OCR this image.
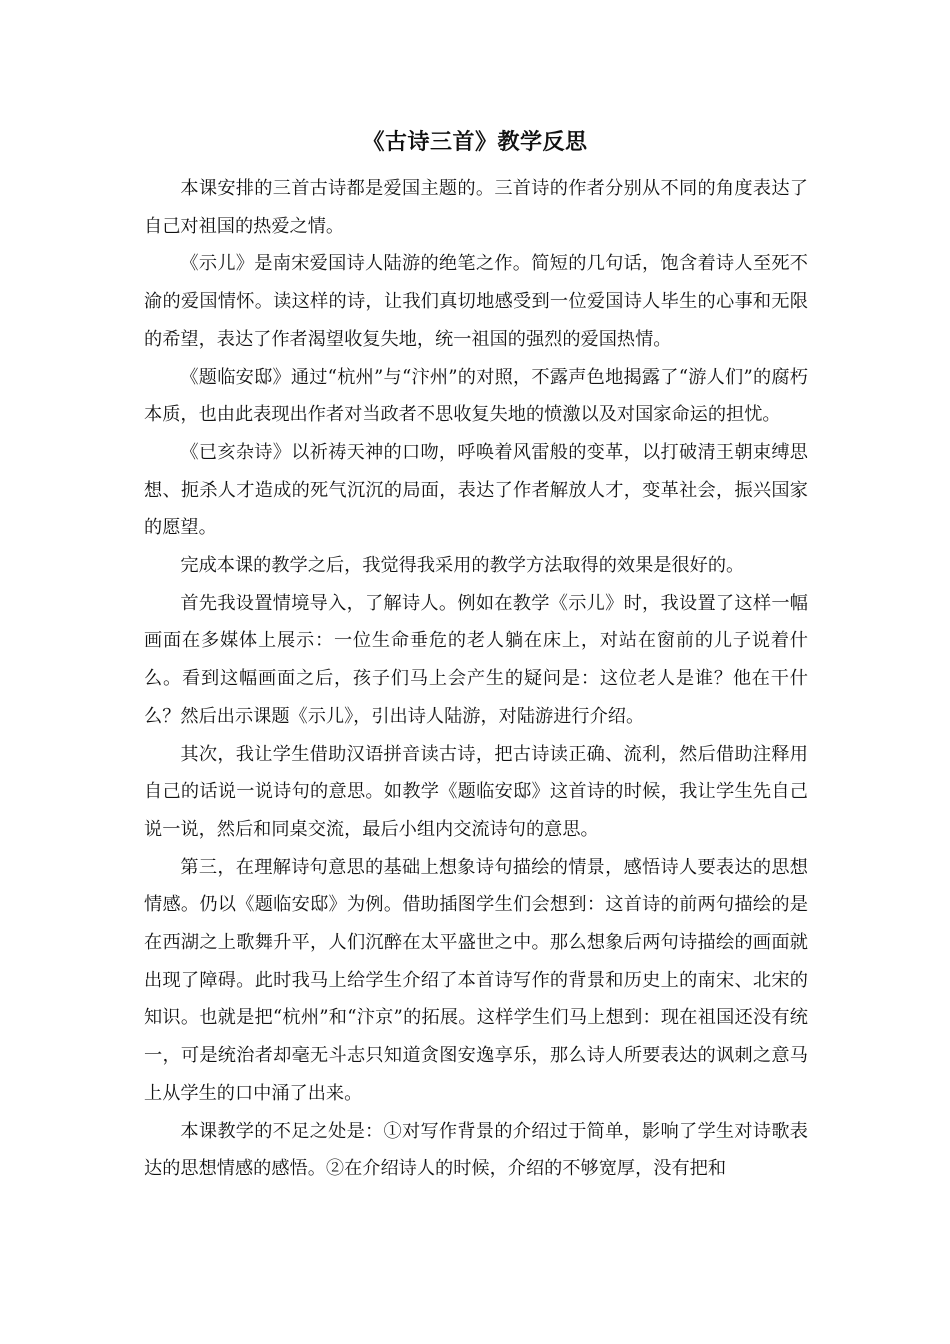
《古诗三首》教学反思

本课安排的三首古诗都是爱国主题的。三首诗的作者分别从不同的角度表达了自己对祖国的热爱之情。

《示儿》是南宋爱国诗人陆游的绝笔之作。简短的几句话，饱含着诗人至死不渝的爱国情怀。读这样的诗，让我们真切地感受到一位爱国诗人毕生的心事和无限的希望，表达了作者渴望收复失地，统一祖国的强烈的爱国热情。

《题临安邸》通过“杭州”与“汴州”的对照，不露声色地揭露了“游人们”的腐朽本质，也由此表现出作者对当政者不思收复失地的愤激以及对国家命运的担忧。

《已亥杂诗》以祈祷天神的口吻，呼唤着风雷般的变革，以打破清王朝束缚思想、扼杀人才造成的死气沉沉的局面，表达了作者解放人才，变革社会，振兴国家的愿望。

完成本课的教学之后，我觉得我采用的教学方法取得的效果是很好的。

首先我设置情境导入，了解诗人。例如在教学《示儿》时，我设置了这样一幅画面在多媒体上展示：一位生命垂危的老人躺在床上，对站在窗前的儿子说着什么。看到这幅画面之后，孩子们马上会产生的疑问是：这位老人是谁？他在干什么？然后出示课题《示儿》，引出诗人陆游，对陆游进行介绍。

其次，我让学生借助汉语拼音读古诗，把古诗读正确、流利，然后借助注释用自己的话说一说诗句的意思。如教学《题临安邸》这首诗的时候，我让学生先自己说一说，然后和同桌交流，最后小组内交流诗句的意思。

第三，在理解诗句意思的基础上想象诗句描绘的情景，感悟诗人要表达的思想情感。仍以《题临安邸》为例。借助插图学生们会想到：这首诗的前两句描绘的是在西湖之上歌舞升平，人们沉醉在太平盛世之中。那么想象后两句诗描绘的画面就出现了障碍。此时我马上给学生介绍了本首诗写作的背景和历史上的南宋、北宋的知识。也就是把“杭州”和“汴京”的拓展。这样学生们马上想到：现在祖国还没有统一，可是统治者却毫无斗志只知道贪图安逸享乐，那么诗人所要表达的讽刺之意马上从学生的口中涌了出来。

本课教学的不足之处是：①对写作背景的介绍过于简单，影响了学生对诗歌表达的思想情感的感悟。②在介绍诗人的时候，介绍的不够宽厚，没有把和
